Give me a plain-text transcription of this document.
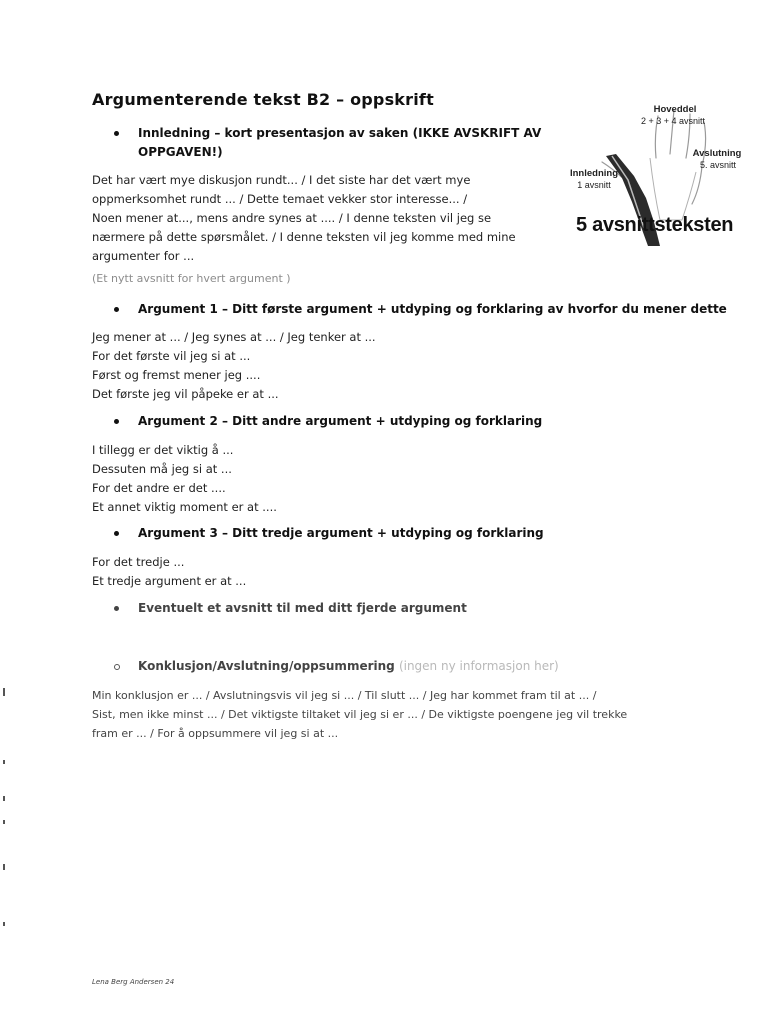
Argumenterende tekst B2 – oppskrift
Hoveddel
2 + 3 + 4 avsnitt
Avslutning
5. avsnitt
Innledning
1 avsnitt
5 avsnittsteksten
Innledning – kort presentasjon av saken (IKKE AVSKRIFT AV
OPPGAVEN!)
Det har vært mye diskusjon rundt... / I det siste har det vært mye
oppmerksomhet rundt ... / Dette temaet vekker stor interesse... /
Noen mener at..., mens andre synes at .... / I denne teksten vil jeg se
nærmere på dette spørsmålet. / I denne teksten vil jeg komme med mine
argumenter for ...
(Et nytt avsnitt for hvert argument )
Argument 1 – Ditt første argument + utdyping og forklaring av hvorfor du mener dette
Jeg mener at ... / Jeg synes at ... / Jeg tenker at ...
For det første vil jeg si at ...
Først og fremst mener jeg ....
Det første jeg vil påpeke er at ...
Argument 2 – Ditt andre argument + utdyping og forklaring
I tillegg er det viktig å ...
Dessuten må jeg si at ...
For det andre er det ....
Et annet viktig moment er at ....
Argument 3 – Ditt tredje argument + utdyping og forklaring
For det tredje ...
Et tredje argument er at ...
Eventuelt et avsnitt til med ditt fjerde argument
Konklusjon/Avslutning/oppsummering (ingen ny informasjon her)
Min konklusjon er ... / Avslutningsvis vil jeg si ... / Til slutt ... / Jeg har kommet fram til at ... /
Sist, men ikke minst ... / Det viktigste tiltaket vil jeg si er ... / De viktigste poengene jeg vil trekke
fram er ... / For å oppsummere vil jeg si at ...
Lena Berg Andersen 24
